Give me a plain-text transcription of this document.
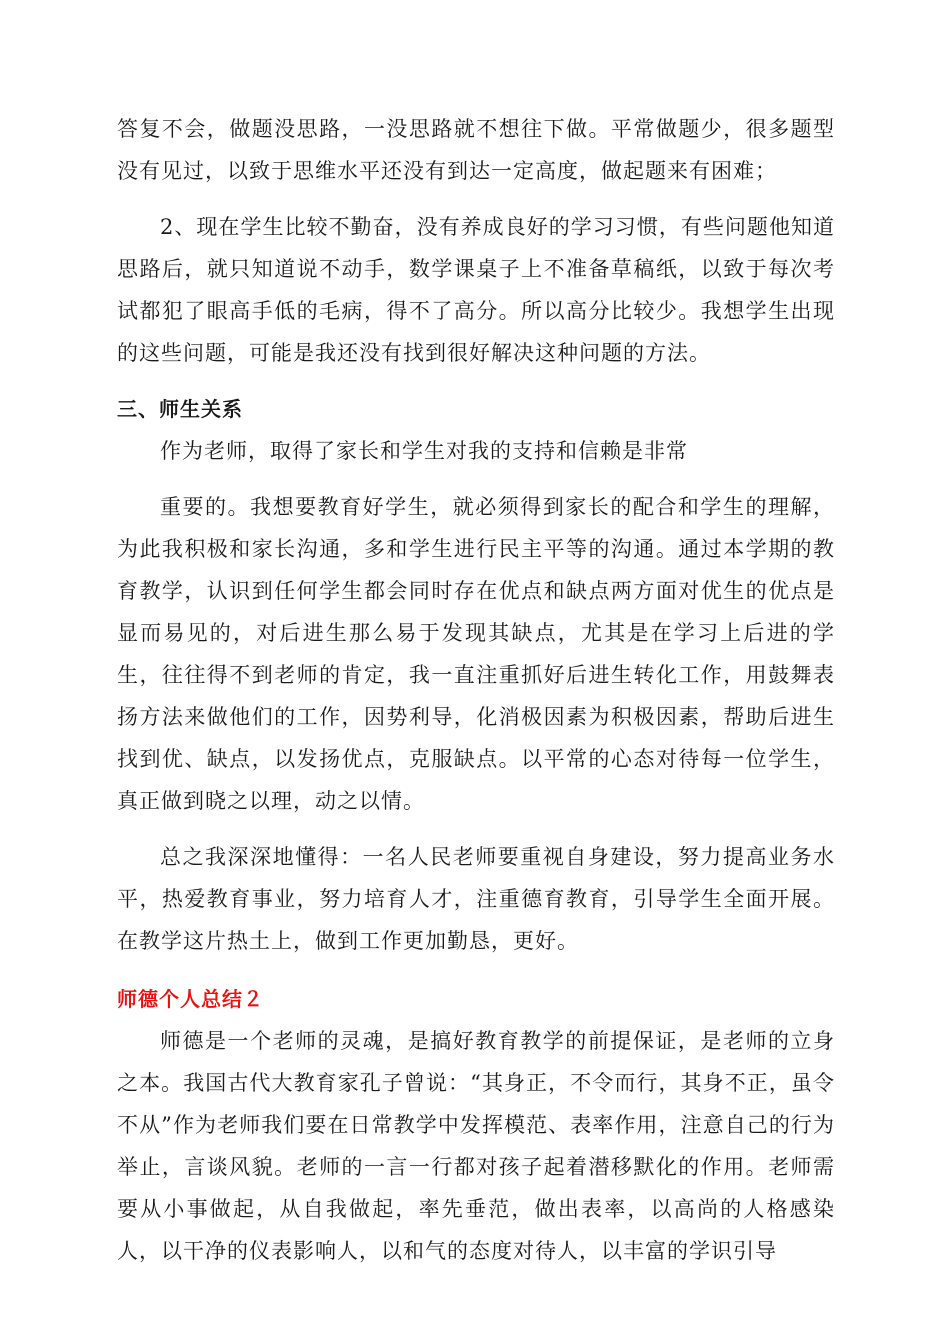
答复不会，做题没思路，一没思路就不想往下做。平常做题少，很多题型没有见过，以致于思维水平还没有到达一定高度，做起题来有困难；

2、现在学生比较不勤奋，没有养成良好的学习习惯，有些问题他知道思路后，就只知道说不动手，数学课桌子上不准备草稿纸，以致于每次考试都犯了眼高手低的毛病，得不了高分。所以高分比较少。我想学生出现的这些问题，可能是我还没有找到很好解决这种问题的方法。

三、师生关系

作为老师，取得了家长和学生对我的支持和信赖是非常

重要的。我想要教育好学生，就必须得到家长的配合和学生的理解，为此我积极和家长沟通，多和学生进行民主平等的沟通。通过本学期的教育教学，认识到任何学生都会同时存在优点和缺点两方面对优生的优点是显而易见的，对后进生那么易于发现其缺点，尤其是在学习上后进的学生，往往得不到老师的肯定，我一直注重抓好后进生转化工作，用鼓舞表扬方法来做他们的工作，因势利导，化消极因素为积极因素，帮助后进生找到优、缺点，以发扬优点，克服缺点。以平常的心态对待每一位学生，真正做到晓之以理，动之以情。

总之我深深地懂得：一名人民老师要重视自身建设，努力提高业务水平，热爱教育事业，努力培育人才，注重德育教育，引导学生全面开展。在教学这片热土上，做到工作更加勤恳，更好。

师德个人总结２

师德是一个老师的灵魂，是搞好教育教学的前提保证，是老师的立身之本。我国古代大教育家孔子曾说：“其身正，不令而行，其身不正，虽令不从”作为老师我们要在日常教学中发挥模范、表率作用，注意自己的行为举止，言谈风貌。老师的一言一行都对孩子起着潜移默化的作用。老师需要从小事做起，从自我做起，率先垂范，做出表率，以高尚的人格感染人，以干净的仪表影响人，以和气的态度对待人，以丰富的学识引导
